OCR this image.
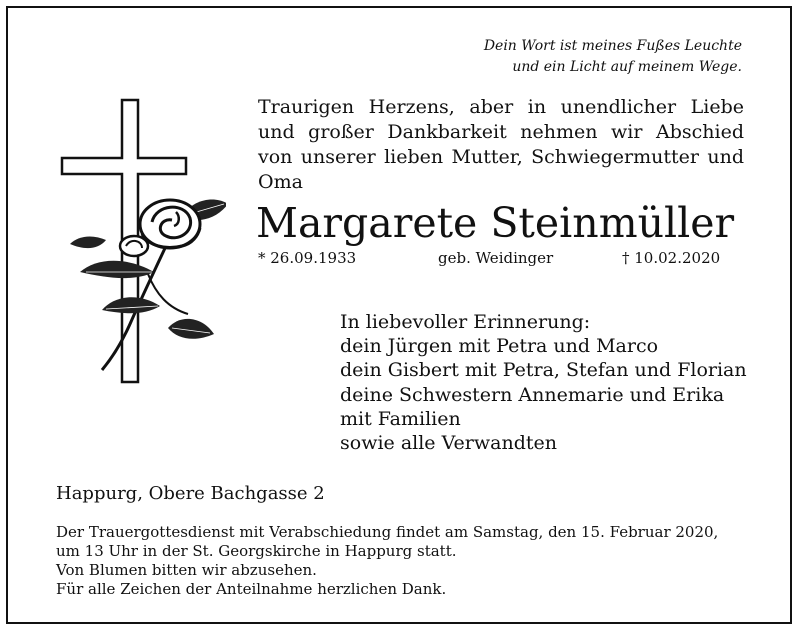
Dein Wort ist meines Fußes Leuchte
und ein Licht auf meinem Wege.
Traurigen Herzens, aber in unendlicher Liebe und großer Dankbarkeit nehmen wir Abschied von unserer lieben Mutter, Schwiegermutter und Oma
Margarete Steinmüller
* 26.09.1933	geb. Weidinger	† 10.02.2020
In liebevoller Erinnerung:
dein Jürgen mit Petra und Marco
dein Gisbert mit Petra, Stefan und Florian
deine Schwestern Annemarie und Erika
mit Familien
sowie alle Verwandten
Happurg, Obere Bachgasse 2
Der Trauergottesdienst mit Verabschiedung findet am Samstag, den 15. Februar 2020,
um 13 Uhr in der St. Georgskirche in Happurg statt.
Von Blumen bitten wir abzusehen.
Für alle Zeichen der Anteilnahme herzlichen Dank.
